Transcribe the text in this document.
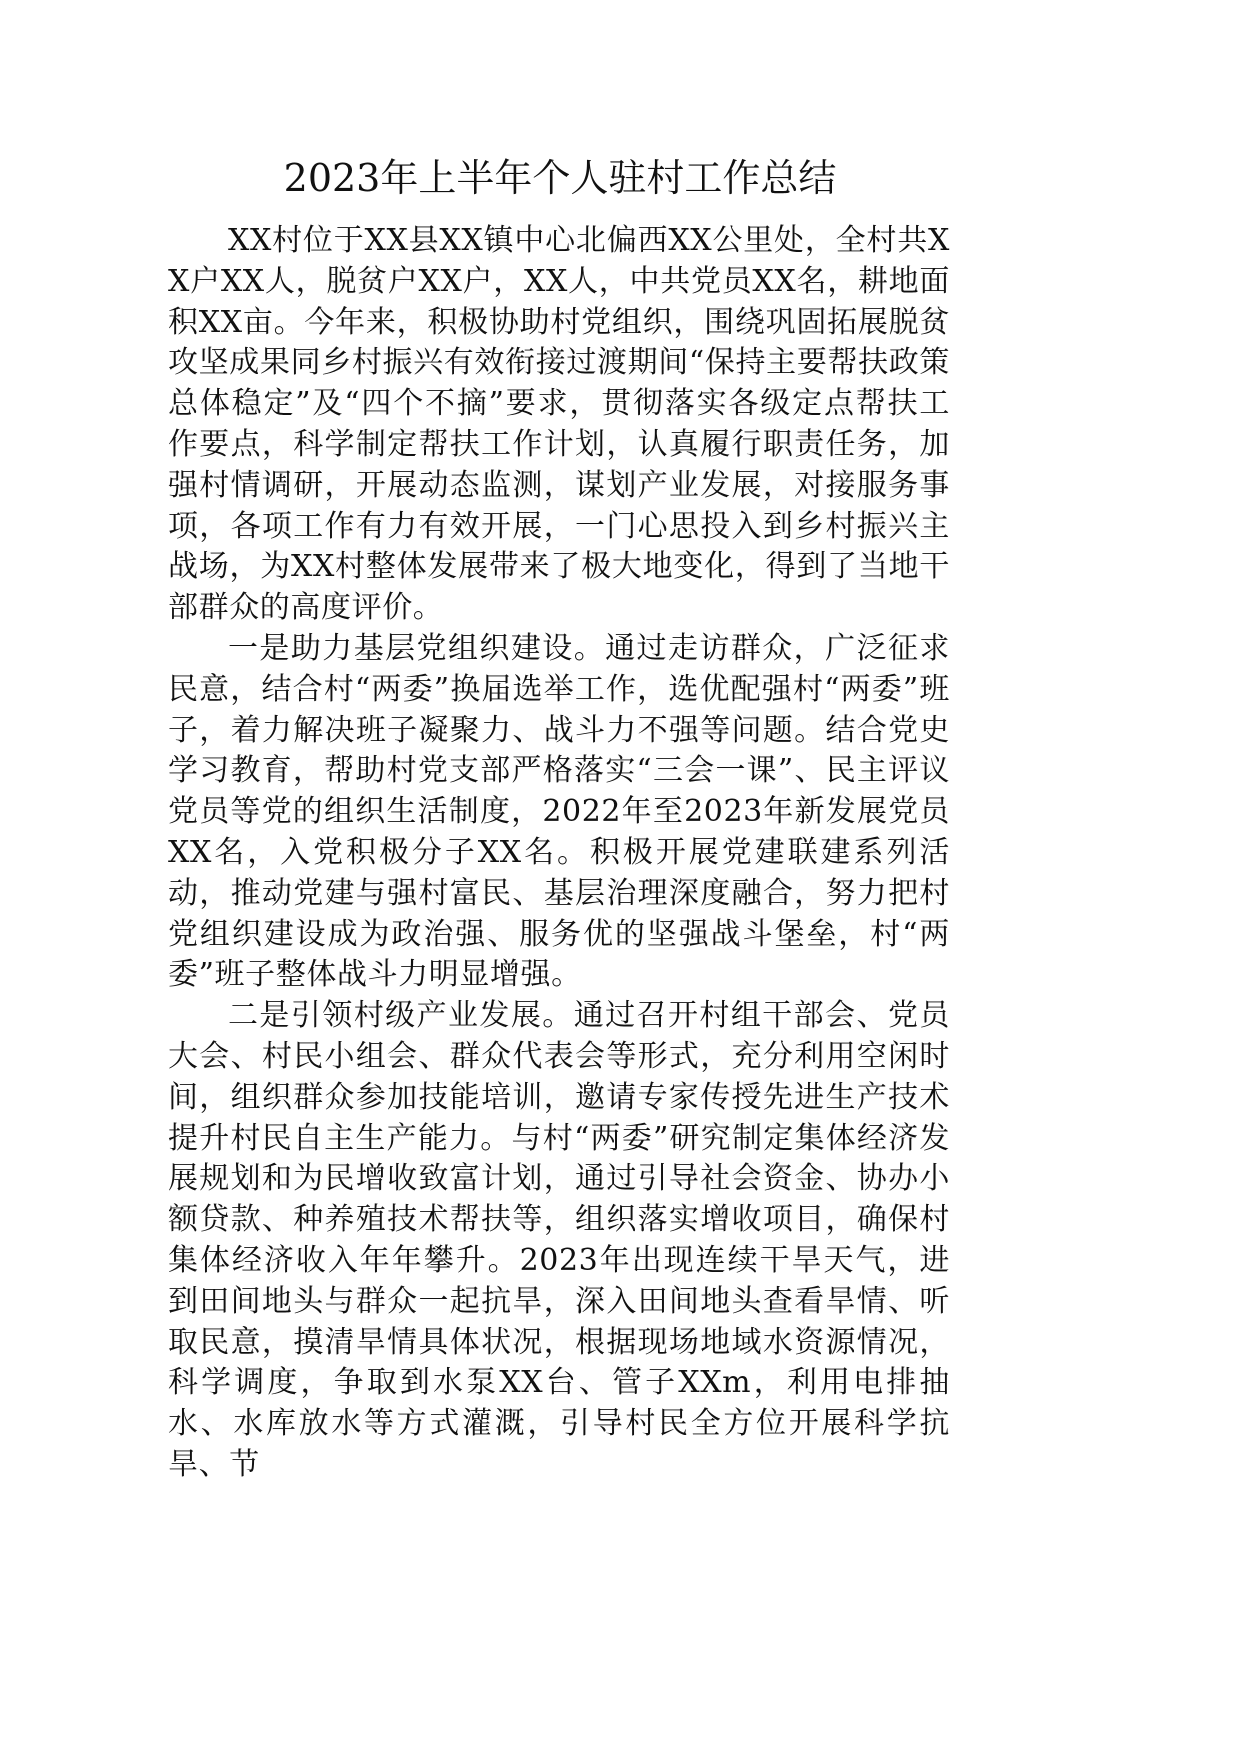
2023年上半年个人驻村工作总结

XX村位于XX县XX镇中心北偏西XX公里处，全村共XX户XX人，脱贫户XX户，XX人，中共党员XX名，耕地面积XX亩。今年来，积极协助村党组织，围绕巩固拓展脱贫攻坚成果同乡村振兴有效衔接过渡期间“保持主要帮扶政策总体稳定”及“四个不摘”要求，贯彻落实各级定点帮扶工作要点，科学制定帮扶工作计划，认真履行职责任务，加强村情调研，开展动态监测，谋划产业发展，对接服务事项，各项工作有力有效开展，一门心思投入到乡村振兴主战场，为XX村整体发展带来了极大地变化，得到了当地干部群众的高度评价。

一是助力基层党组织建设。通过走访群众，广泛征求民意，结合村“两委”换届选举工作，选优配强村“两委”班子，着力解决班子凝聚力、战斗力不强等问题。结合党史学习教育，帮助村党支部严格落实“三会一课”、民主评议党员等党的组织生活制度，2022年至2023年新发展党员XX名，入党积极分子XX名。积极开展党建联建系列活动，推动党建与强村富民、基层治理深度融合，努力把村党组织建设成为政治强、服务优的坚强战斗堡垒，村“两委”班子整体战斗力明显增强。

二是引领村级产业发展。通过召开村组干部会、党员大会、村民小组会、群众代表会等形式，充分利用空闲时间，组织群众参加技能培训，邀请专家传授先进生产技术提升村民自主生产能力。与村“两委”研究制定集体经济发展规划和为民增收致富计划，通过引导社会资金、协办小额贷款、种养殖技术帮扶等，组织落实增收项目，确保村集体经济收入年年攀升。2023年出现连续干旱天气，进到田间地头与群众一起抗旱，深入田间地头查看旱情、听取民意，摸清旱情具体状况，根据现场地域水资源情况，科学调度，争取到水泵XX台、管子XXm，利用电排抽水、水库放水等方式灌溉，引导村民全方位开展科学抗旱、节
